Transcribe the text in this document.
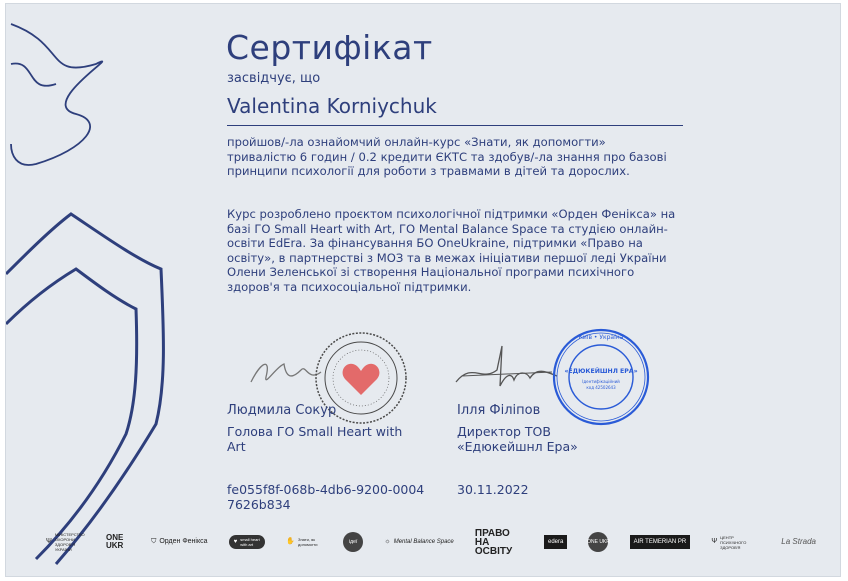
Сертифікат
засвідчує, що
Valentina Korniychuk
пройшов/-ла ознайомчий онлайн-курс «Знати, як допомогти» тривалістю 6 годин / 0.2 кредити ЄКТС та здобув/-ла знання про базові принципи психології для роботи з травмами в дітей та дорослих.
Курс розроблено проєктом психологічної підтримки «Орден Фенікса» на базі ГО Small Heart with Art, ГО Mental Balance Space та студією онлайн-освіти EdEra. За фінансування БО OneUkraine, підтримки «Право на освіту», в партнерстві з МОЗ та в межах ініціативи першої леді України Олени Зеленської зі створення Національної програми психічного здоров'я та психосоціальної підтримки.
Київ • Україна
«ЕДЮКЕЙШНЛ ЕРА»
Ідентифікаційний
код 42502643
Людмила Сокур
Голова ГО Small Heart with Art
Ілля Філіпов
Директор ТОВ «Едюкейшнл Ера»
fe055f8f-068b-4db6-9200-00047626b834
30.11.2022
Ψ
МІНІСТЕРСТВО ОХОРОНИ ЗДОРОВ'Я УКРАЇНИ
ONE UKR	⛉ Орден Фенікса	♥ small heart with art	✋ Знати, як допомогти	ідеї	☼ Mental Balance Space
ПРАВО НА ОСВІТУ
edera	ONE UKR	AIR TEMERIAN PR	Ψ
ЦЕНТР ПСИХІЧНОГО ЗДОРОВ'Я
La Strada
